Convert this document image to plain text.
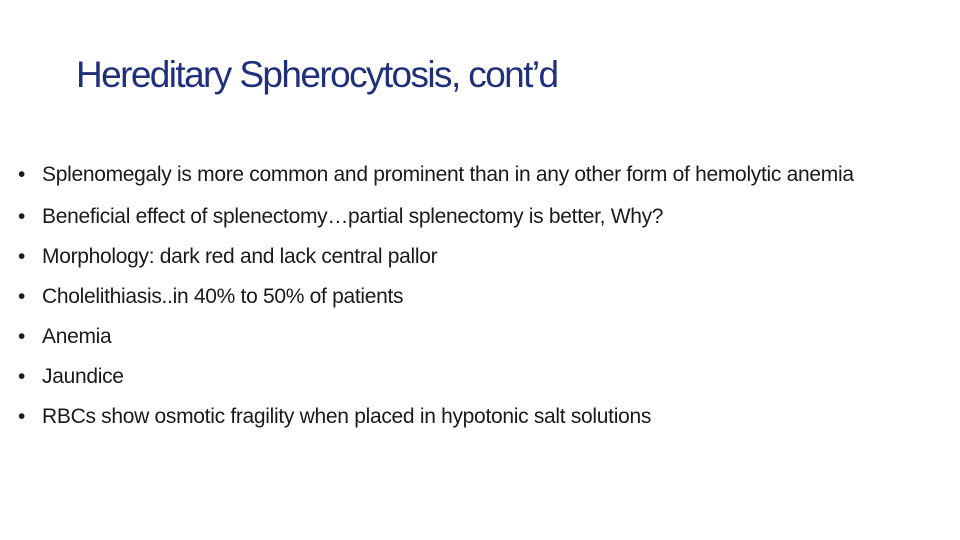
Hereditary Spherocytosis, cont’d
• Splenomegaly is more common and prominent than in any other form of hemolytic anemia
• Beneficial effect of splenectomy…partial splenectomy is better, Why?
• Morphology: dark red and lack central pallor
• Cholelithiasis..in 40% to 50% of patients
• Anemia
• Jaundice
• RBCs show osmotic fragility when placed in hypotonic salt solutions
